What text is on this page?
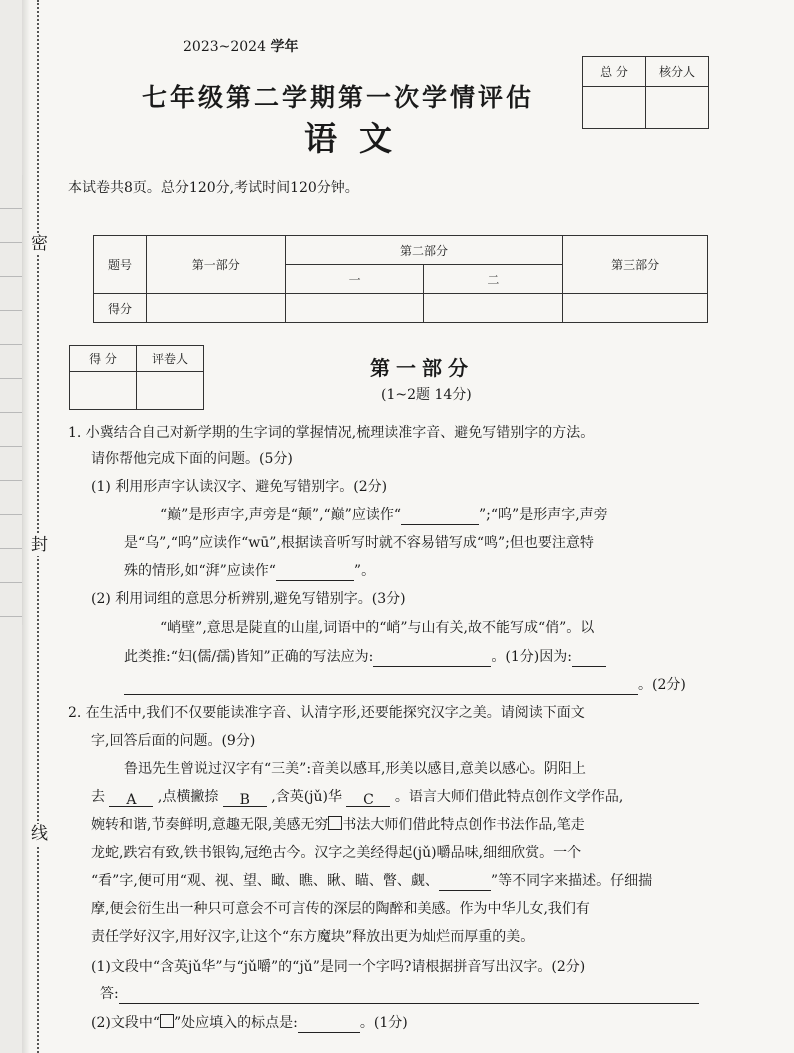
密
封
线
2023~2024 学年
七年级第二学期第一次学情评估
语文
总 分	核分人

本试卷共8页。总分120分,考试时间120分钟。
题号	第一部分	第二部分		第三部分
		一	二	
得分				
得 分	评卷人
		第一部分
(1~2题 14分)
1. 小冀结合自己对新学期的生字词的掌握情况,梳理读准字音、避免写错别字的方法。
请你帮他完成下面的问题。(5分)
(1) 利用形声字认读汉字、避免写错别字。(2分)
“巅”是形声字,声旁是“颠”,“巅”应读作“	”;“呜”是形声字,声旁
是“乌”,“呜”应读作“wū”,根据读音听写时就不容易错写成“鸣”;但也要注意特
殊的情形,如“湃”应读作“	”。
(2) 利用词组的意思分析辨别,避免写错别字。(3分)
“峭壁”,意思是陡直的山崖,词语中的“峭”与山有关,故不能写成“俏”。以
此类推:“妇(儒/孺)皆知”正确的写法应为:	。(1分)因为:
。(2分)
2. 在生活中,我们不仅要能读准字音、认清字形,还要能探究汉字之美。请阅读下面文
字,回答后面的问题。(9分)
鲁迅先生曾说过汉字有“三美”:音美以感耳,形美以感目,意美以感心。阴阳上
去 A ,点横撇捺 B ,含英(jǔ)华 C 。语言大师们借此特点创作文学作品,
婉转和谐,节奏鲜明,意趣无限,美感无穷 书法大师们借此特点创作书法作品,笔走
龙蛇,跌宕有致,铁书银钩,冠绝古今。汉字之美经得起(jǔ)嚼品味,细细欣赏。一个
“看”字,便可用“观、视、望、瞰、瞧、瞅、瞄、瞥、觑、	”等不同字来描述。仔细揣
摩,便会衍生出一种只可意会不可言传的深层的陶醉和美感。作为中华儿女,我们有
责任学好汉字,用好汉字,让这个“东方魔块”释放出更为灿烂而厚重的美。
(1)文段中“含英jǔ华”与“jǔ嚼”的“jǔ”是同一个字吗?请根据拼音写出汉字。(2分)
答:
(2)文段中“ ”处应填入的标点是:	。(1分)
